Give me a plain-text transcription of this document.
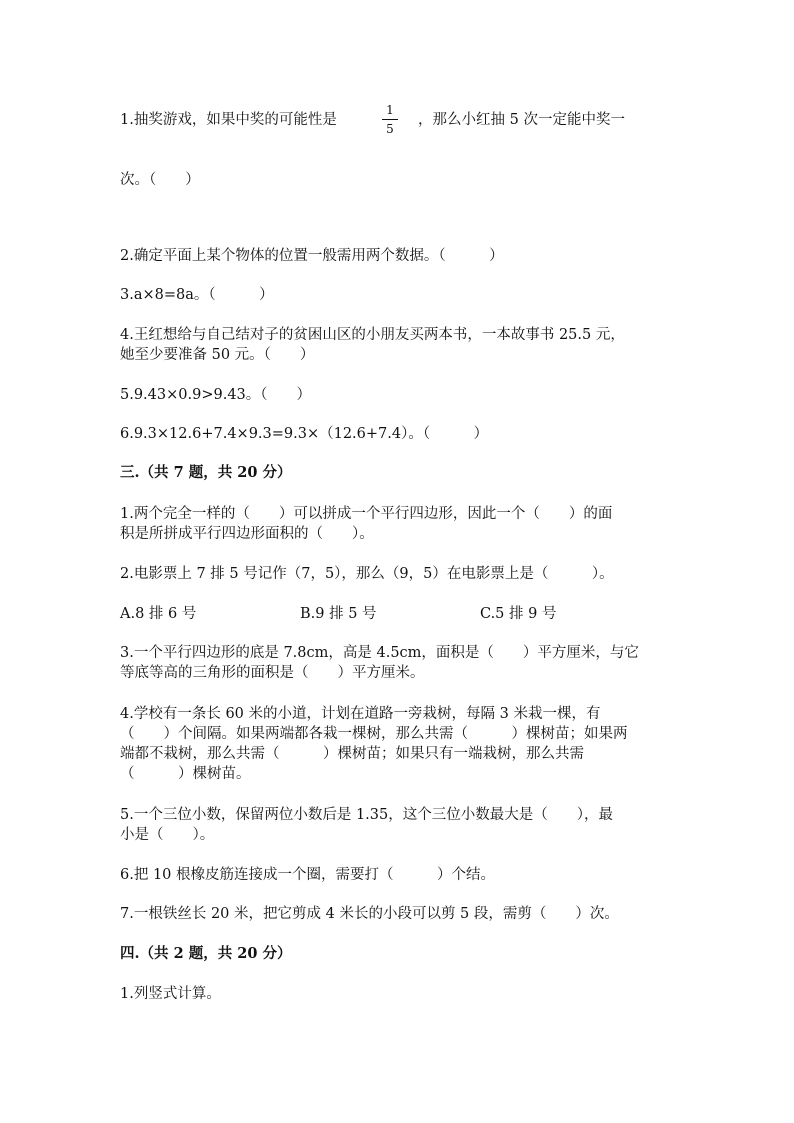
1.抽奖游戏，如果中奖的可能性是
1
5
，那么小红抽 5 次一定能中奖一
次。（　　）
2.确定平面上某个物体的位置一般需用两个数据。（　　　）
3.a×8=8a。（　　　）
4.王红想给与自己结对子的贫困山区的小朋友买两本书，一本故事书 25.5 元，
她至少要准备 50 元。（　　）
5.9.43×0.9>9.43。（　　）
6.9.3×12.6+7.4×9.3=9.3×（12.6+7.4）。（　　　）
三.（共 7 题，共 20 分）
1.两个完全一样的（　　）可以拼成一个平行四边形，因此一个（　　）的面
积是所拼成平行四边形面积的（　　）。
2.电影票上 7 排 5 号记作（7，5），那么（9，5）在电影票上是（　　　）。
A.8 排 6 号	B.9 排 5 号	C.5 排 9 号
3.一个平行四边形的底是 7.8cm，高是 4.5cm，面积是（　　）平方厘米，与它
等底等高的三角形的面积是（　　）平方厘米。
4.学校有一条长 60 米的小道，计划在道路一旁栽树，每隔 3 米栽一棵，有
（　　）个间隔。如果两端都各栽一棵树，那么共需（　　　）棵树苗；如果两
端都不栽树，那么共需（　　　）棵树苗；如果只有一端栽树，那么共需
（　　　）棵树苗。
5.一个三位小数，保留两位小数后是 1.35，这个三位小数最大是（　　），最
小是（　　）。
6.把 10 根橡皮筋连接成一个圈，需要打（　　　）个结。
7.一根铁丝长 20 米，把它剪成 4 米长的小段可以剪 5 段，需剪（　　）次。
四.（共 2 题，共 20 分）
1.列竖式计算。
